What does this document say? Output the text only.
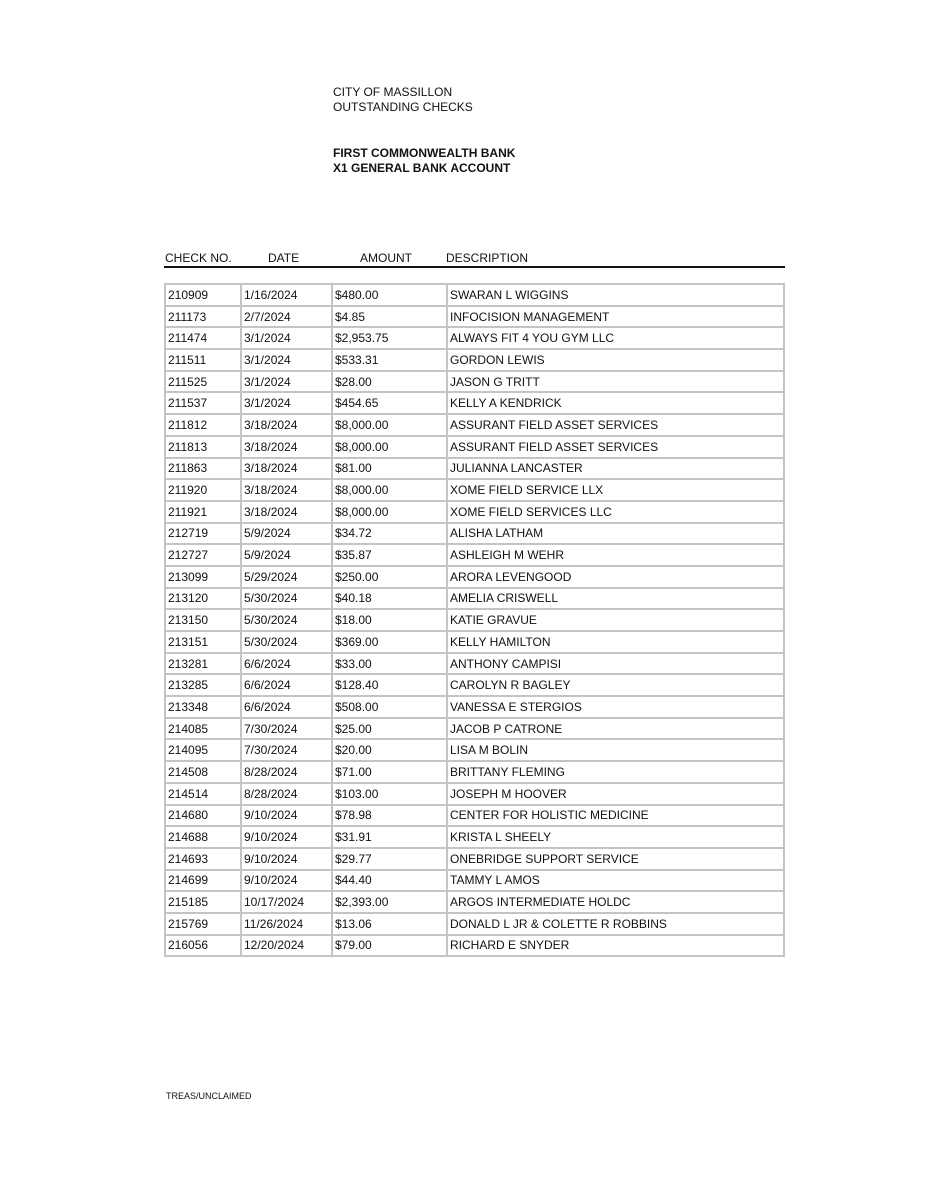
CITY OF MASSILLON
OUTSTANDING CHECKS
FIRST COMMONWEALTH BANK
X1 GENERAL BANK ACCOUNT
CHECK NO.	DATE	AMOUNT	DESCRIPTION
210909	1/16/2024	$480.00	SWARAN L WIGGINS
211173	2/7/2024	$4.85	INFOCISION MANAGEMENT
211474	3/1/2024	$2,953.75	ALWAYS FIT 4 YOU GYM LLC
211511	3/1/2024	$533.31	GORDON LEWIS
211525	3/1/2024	$28.00	JASON G TRITT
211537	3/1/2024	$454.65	KELLY A KENDRICK
211812	3/18/2024	$8,000.00	ASSURANT FIELD ASSET SERVICES
211813	3/18/2024	$8,000.00	ASSURANT FIELD ASSET SERVICES
211863	3/18/2024	$81.00	JULIANNA LANCASTER
211920	3/18/2024	$8,000.00	XOME FIELD SERVICE LLX
211921	3/18/2024	$8,000.00	XOME FIELD SERVICES LLC
212719	5/9/2024	$34.72	ALISHA LATHAM
212727	5/9/2024	$35.87	ASHLEIGH M WEHR
213099	5/29/2024	$250.00	ARORA LEVENGOOD
213120	5/30/2024	$40.18	AMELIA CRISWELL
213150	5/30/2024	$18.00	KATIE GRAVUE
213151	5/30/2024	$369.00	KELLY HAMILTON
213281	6/6/2024	$33.00	ANTHONY CAMPISI
213285	6/6/2024	$128.40	CAROLYN R BAGLEY
213348	6/6/2024	$508.00	VANESSA E STERGIOS
214085	7/30/2024	$25.00	JACOB P CATRONE
214095	7/30/2024	$20.00	LISA M BOLIN
214508	8/28/2024	$71.00	BRITTANY FLEMING
214514	8/28/2024	$103.00	JOSEPH M HOOVER
214680	9/10/2024	$78.98	CENTER FOR HOLISTIC MEDICINE
214688	9/10/2024	$31.91	KRISTA L SHEELY
214693	9/10/2024	$29.77	ONEBRIDGE SUPPORT SERVICE
214699	9/10/2024	$44.40	TAMMY L AMOS
215185	10/17/2024	$2,393.00	ARGOS INTERMEDIATE HOLDC
215769	11/26/2024	$13.06	DONALD L JR & COLETTE R ROBBINS
216056	12/20/2024	$79.00	RICHARD E SNYDER
TREAS/UNCLAIMED
